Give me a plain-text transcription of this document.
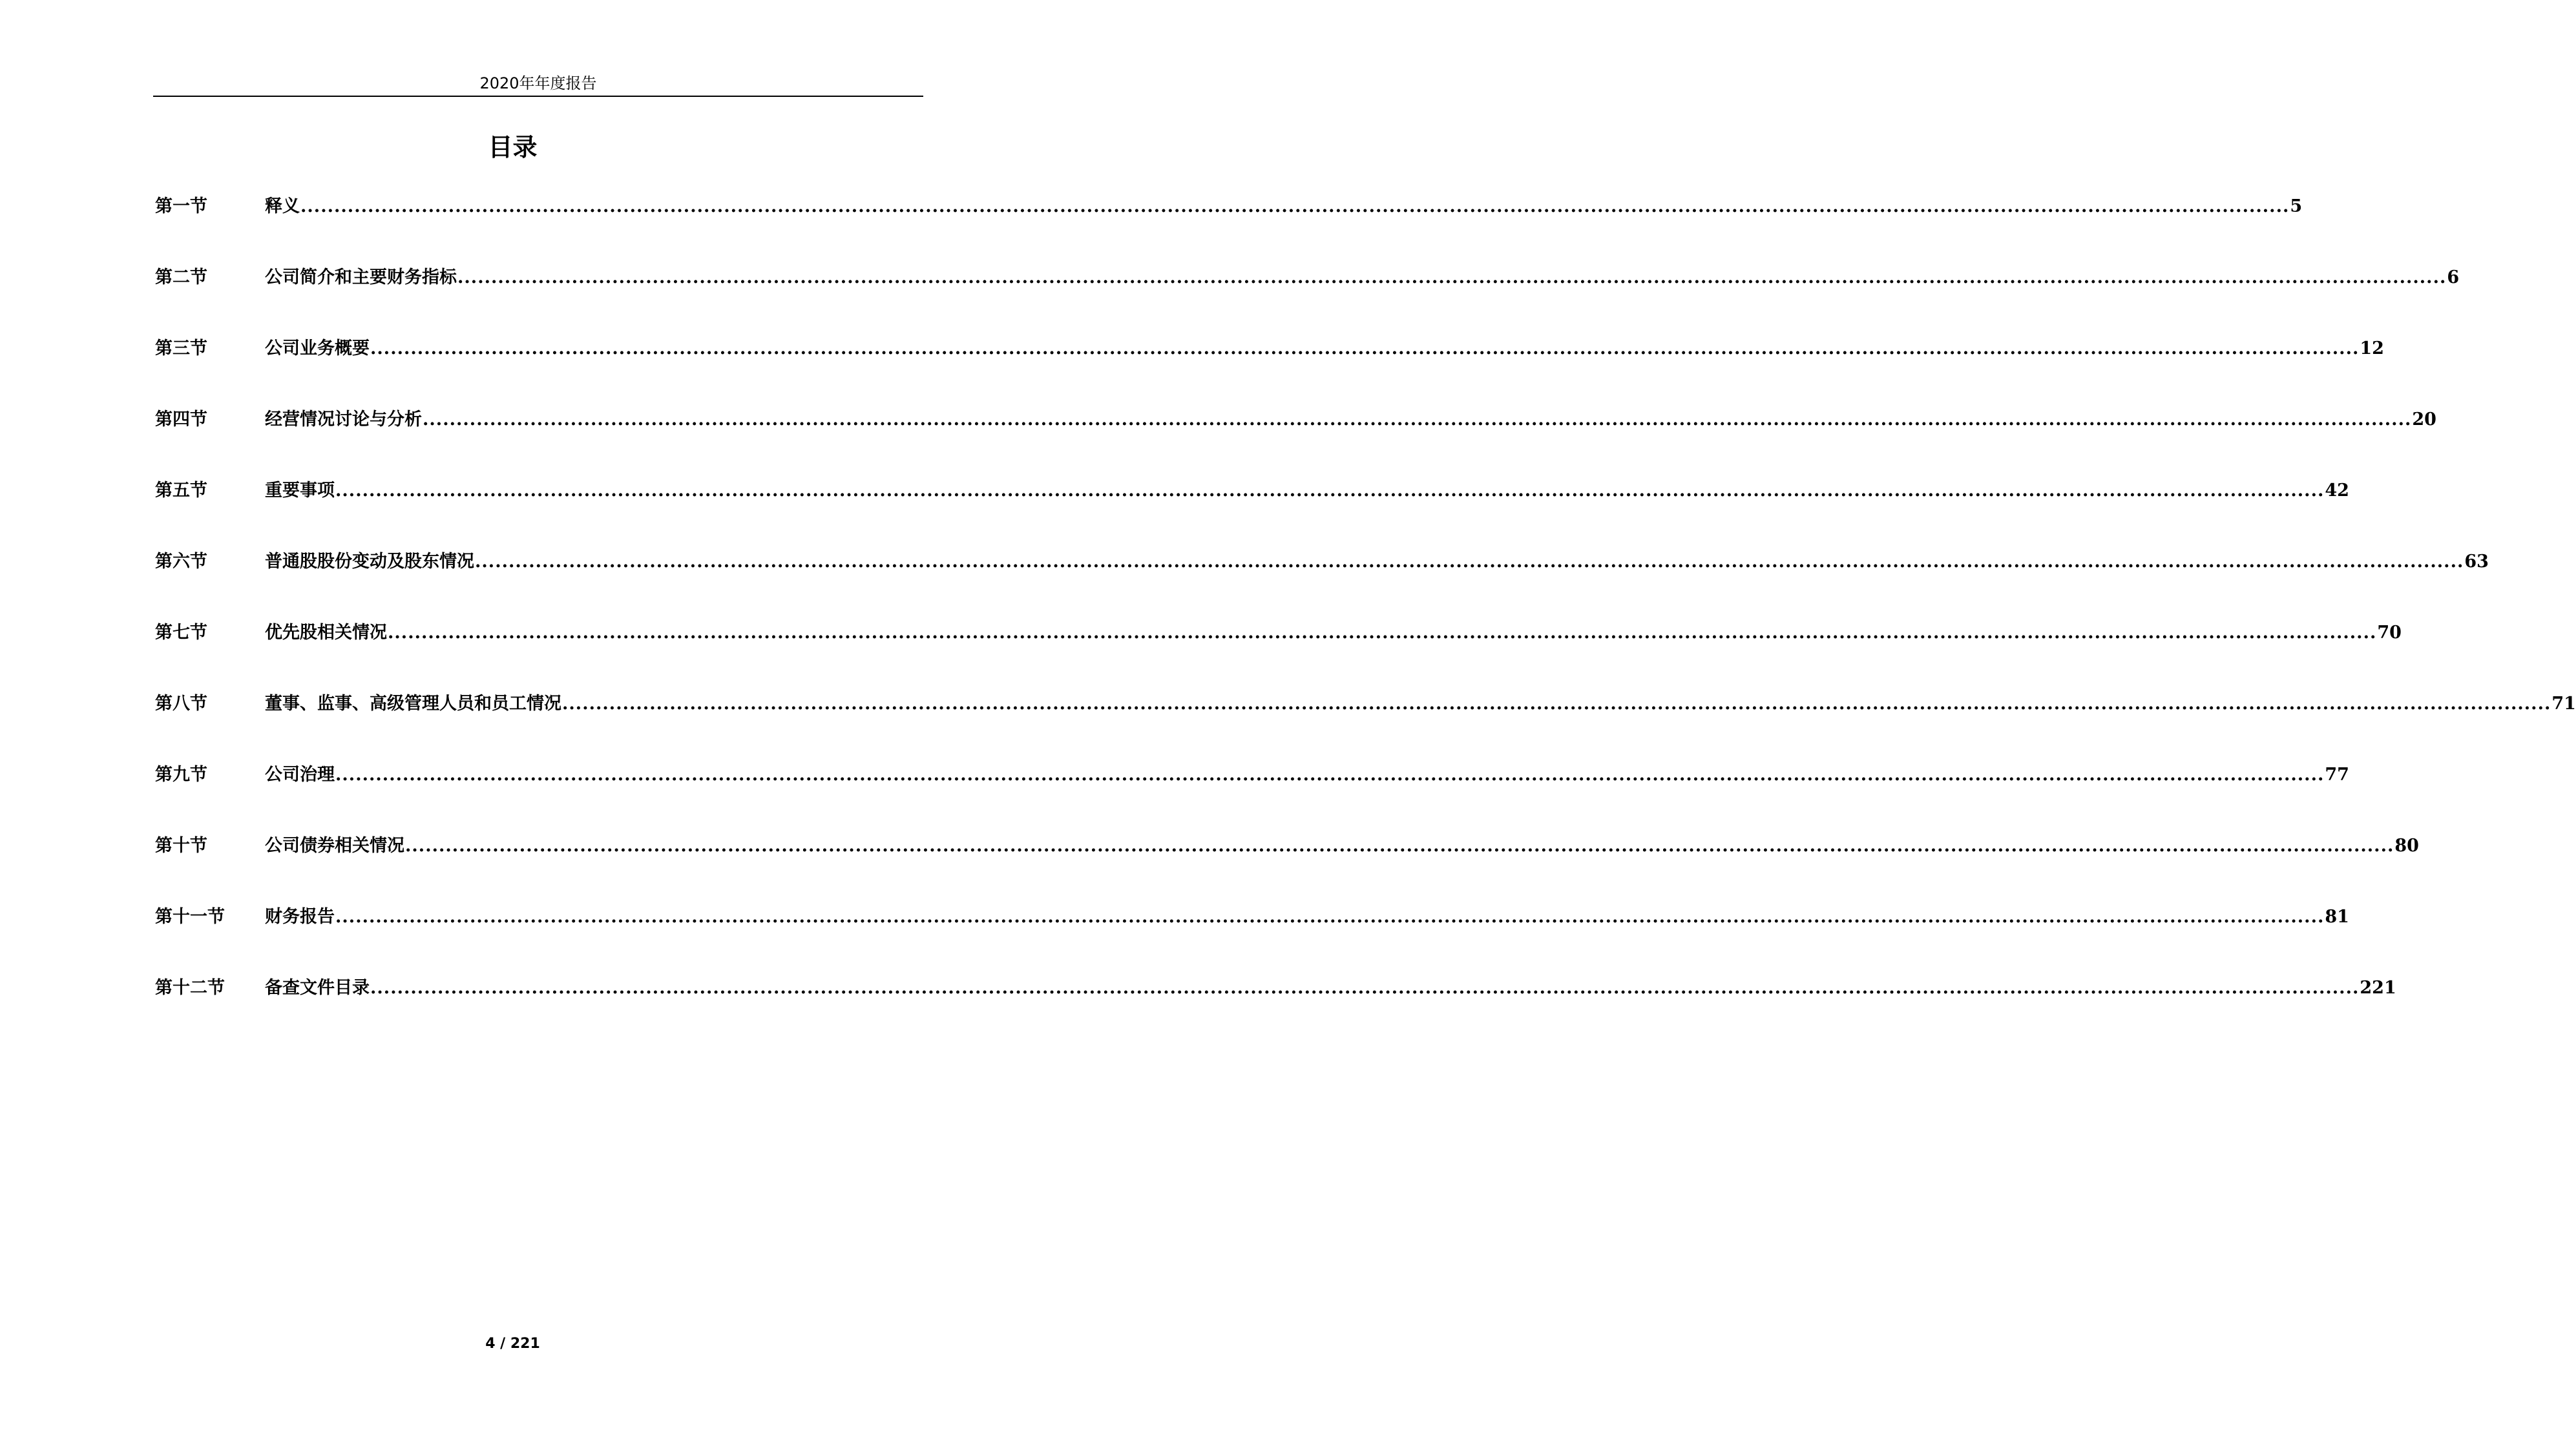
2020年年度报告
目录
第一节	释义 .....	5
第二节	公司简介和主要财务指标 .....	6
第三节	公司业务概要 .....	12
第四节	经营情况讨论与分析 .....	20
第五节	重要事项 .....	42
第六节	普通股股份变动及股东情况 .....	63
第七节	优先股相关情况 .....	70
第八节	董事、监事、高级管理人员和员工情况 .....	71
第九节	公司治理 .....	77
第十节	公司债券相关情况 .....	80
第十一节	财务报告 .....	81
第十二节	备查文件目录 .....	221
4 / 221
